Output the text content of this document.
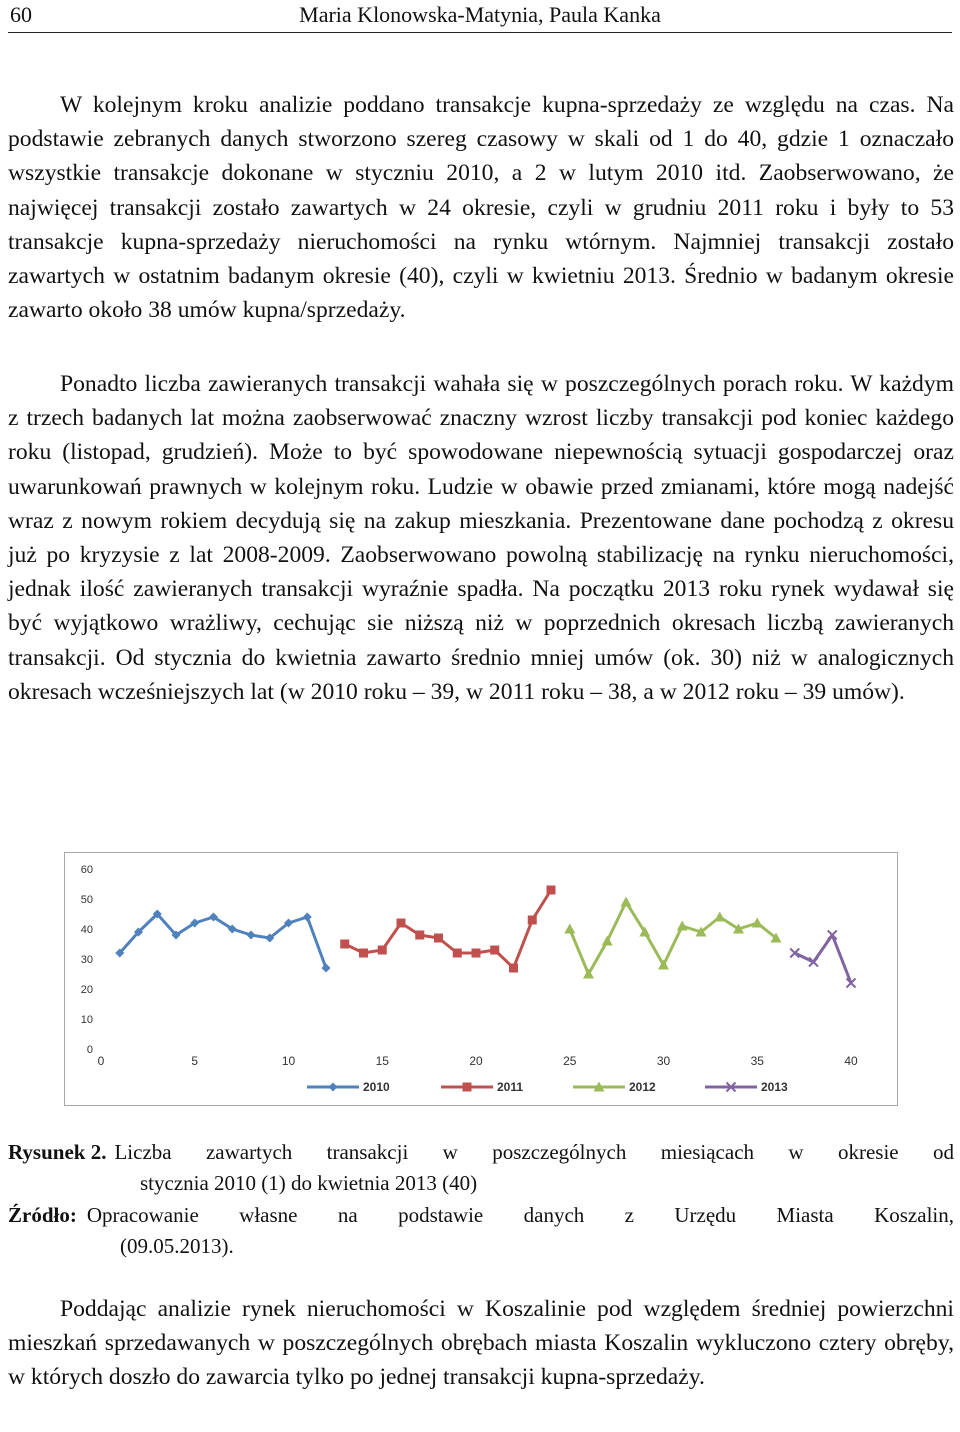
60	Maria Klonowska-Matynia, Paula Kanka

W kolejnym kroku analizie poddano transakcje kupna-sprzedaży ze względu na czas. Na podstawie zebranych danych stworzono szereg czasowy w skali od 1 do 40, gdzie 1 oznaczało wszystkie transakcje dokonane w styczniu 2010, a 2 w lutym 2010 itd. Zaobserwowano, że najwięcej transakcji zostało zawartych w 24 okresie, czyli w grudniu 2011 roku i były to 53 transakcje kupna-sprzedaży nieruchomości na rynku wtórnym. Najmniej transakcji zostało zawartych w ostatnim badanym okresie (40), czyli w kwietniu 2013. Średnio w badanym okresie zawarto około 38 umów kupna/sprzedaży.

Ponadto liczba zawieranych transakcji wahała się w poszczególnych porach roku. W każdym z trzech badanych lat można zaobserwować znaczny wzrost liczby transakcji pod koniec każdego roku (listopad, grudzień). Może to być spowodowane niepewnością sytuacji gospodarczej oraz uwarunkowań prawnych w kolejnym roku. Ludzie w obawie przed zmianami, które mogą nadejść wraz z nowym rokiem decydują się na zakup mieszkania. Prezentowane dane pochodzą z okresu już po kryzysie z lat 2008-2009. Zaobserwowano powolną stabilizację na rynku nieruchomości, jednak ilość zawieranych transakcji wyraźnie spadła. Na początku 2013 roku rynek wydawał się być wyjątkowo wrażliwy, cechując sie niższą niż w poprzednich okresach liczbą zawieranych transakcji. Od stycznia do kwietnia zawarto średnio mniej umów (ok. 30) niż w analogicznych okresach wcześniejszych lat (w 2010 roku – 39, w 2011 roku – 38, a w 2012 roku – 39 umów).

0
10
20
30
40
50
60
0	5	10	15	20	25	30	35	40
2010	2011	2012	2013
Rysunek 2. Liczba zawartych transakcji w poszczególnych miesiącach w okresie od
stycznia 2010 (1) do kwietnia 2013 (40)
Źródło: Opracowanie własne na podstawie danych z Urzędu Miasta Koszalin,
(09.05.2013).

Poddając analizie rynek nieruchomości w Koszalinie pod względem średniej powierzchni mieszkań sprzedawanych w poszczególnych obrębach miasta Koszalin wykluczono cztery obręby, w których doszło do zawarcia tylko po jednej transakcji kupna-sprzedaży.
